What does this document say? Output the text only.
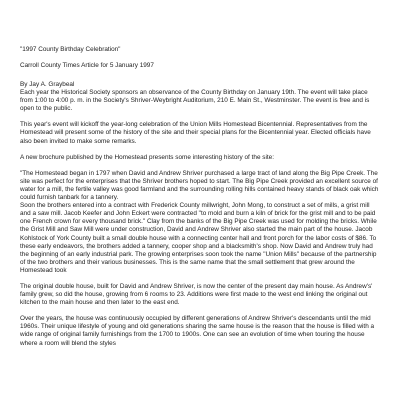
"1997 County Birthday Celebration"
Carroll County Times Article for 5 January 1997
By Jay A. Graybeal
Each year the Historical Society sponsors an observance of the County Birthday on January 19th. The event will take place from 1:00 to 4:00 p. m. in the Society's Shriver-Weybright Auditorium, 210 E. Main St., Westminster. The event is free and is open to the public.
This year's event will kickoff the year-long celebration of the Union Mills Homestead Bicentennial. Representatives from the Homestead will present some of the history of the site and their special plans for the Bicentennial year. Elected officials have also been invited to make some remarks.
A new brochure published by the Homestead presents some interesting history of the site:
"The Homestead began in 1797 when David and Andrew Shriver purchased a large tract of land along the Big Pipe Creek. The site was perfect for the enterprises that the Shriver brothers hoped to start. The Big Pipe Creek provided an excellent source of water for a mill, the fertile valley was good farmland and the surrounding rolling hills contained heavy stands of black oak which could furnish tanbark for a tannery.
Soon the brothers entered into a contract with Frederick County millwright, John Mong, to construct a set of mills, a grist mill and a saw mill. Jacob Keefer and John Eckert were contracted "to mold and burn a kiln of brick for the grist mill and to be paid one French crown for every thousand brick." Clay from the banks of the Big Pipe Creek was used for molding the bricks. While the Grist Mill and Saw Mill were under construction, David and Andrew Shriver also started the main part of the house. Jacob Kohlstock of York County built a small double house with a connecting center hall and front porch for the labor costs of $86. To these early endeavors, the brothers added a tannery, cooper shop and a blacksmith's shop. Now David and Andrew truly had the beginning of an early industrial park. The growing enterprises soon took the name "Union Mills" because of the partnership of the two brothers and their various businesses. This is the same name that the small settlement that grew around the Homestead took
The original double house, built for David and Andrew Shriver, is now the center of the present day main house. As Andrew's' family grew, so did the house, growing from 6 rooms to 23. Additions were first made to the west end linking the original out kitchen to the main house and then later to the east end.
Over the years, the house was continuously occupied by different generations of Andrew Shriver's descendants until the mid 1960s. Their unique lifestyle of young and old generations sharing the same house is the reason that the house is filled with a wide range of original family furnishings from the 1700 to 1900s. One can see an evolution of time when touring the house where a room will blend the styles
